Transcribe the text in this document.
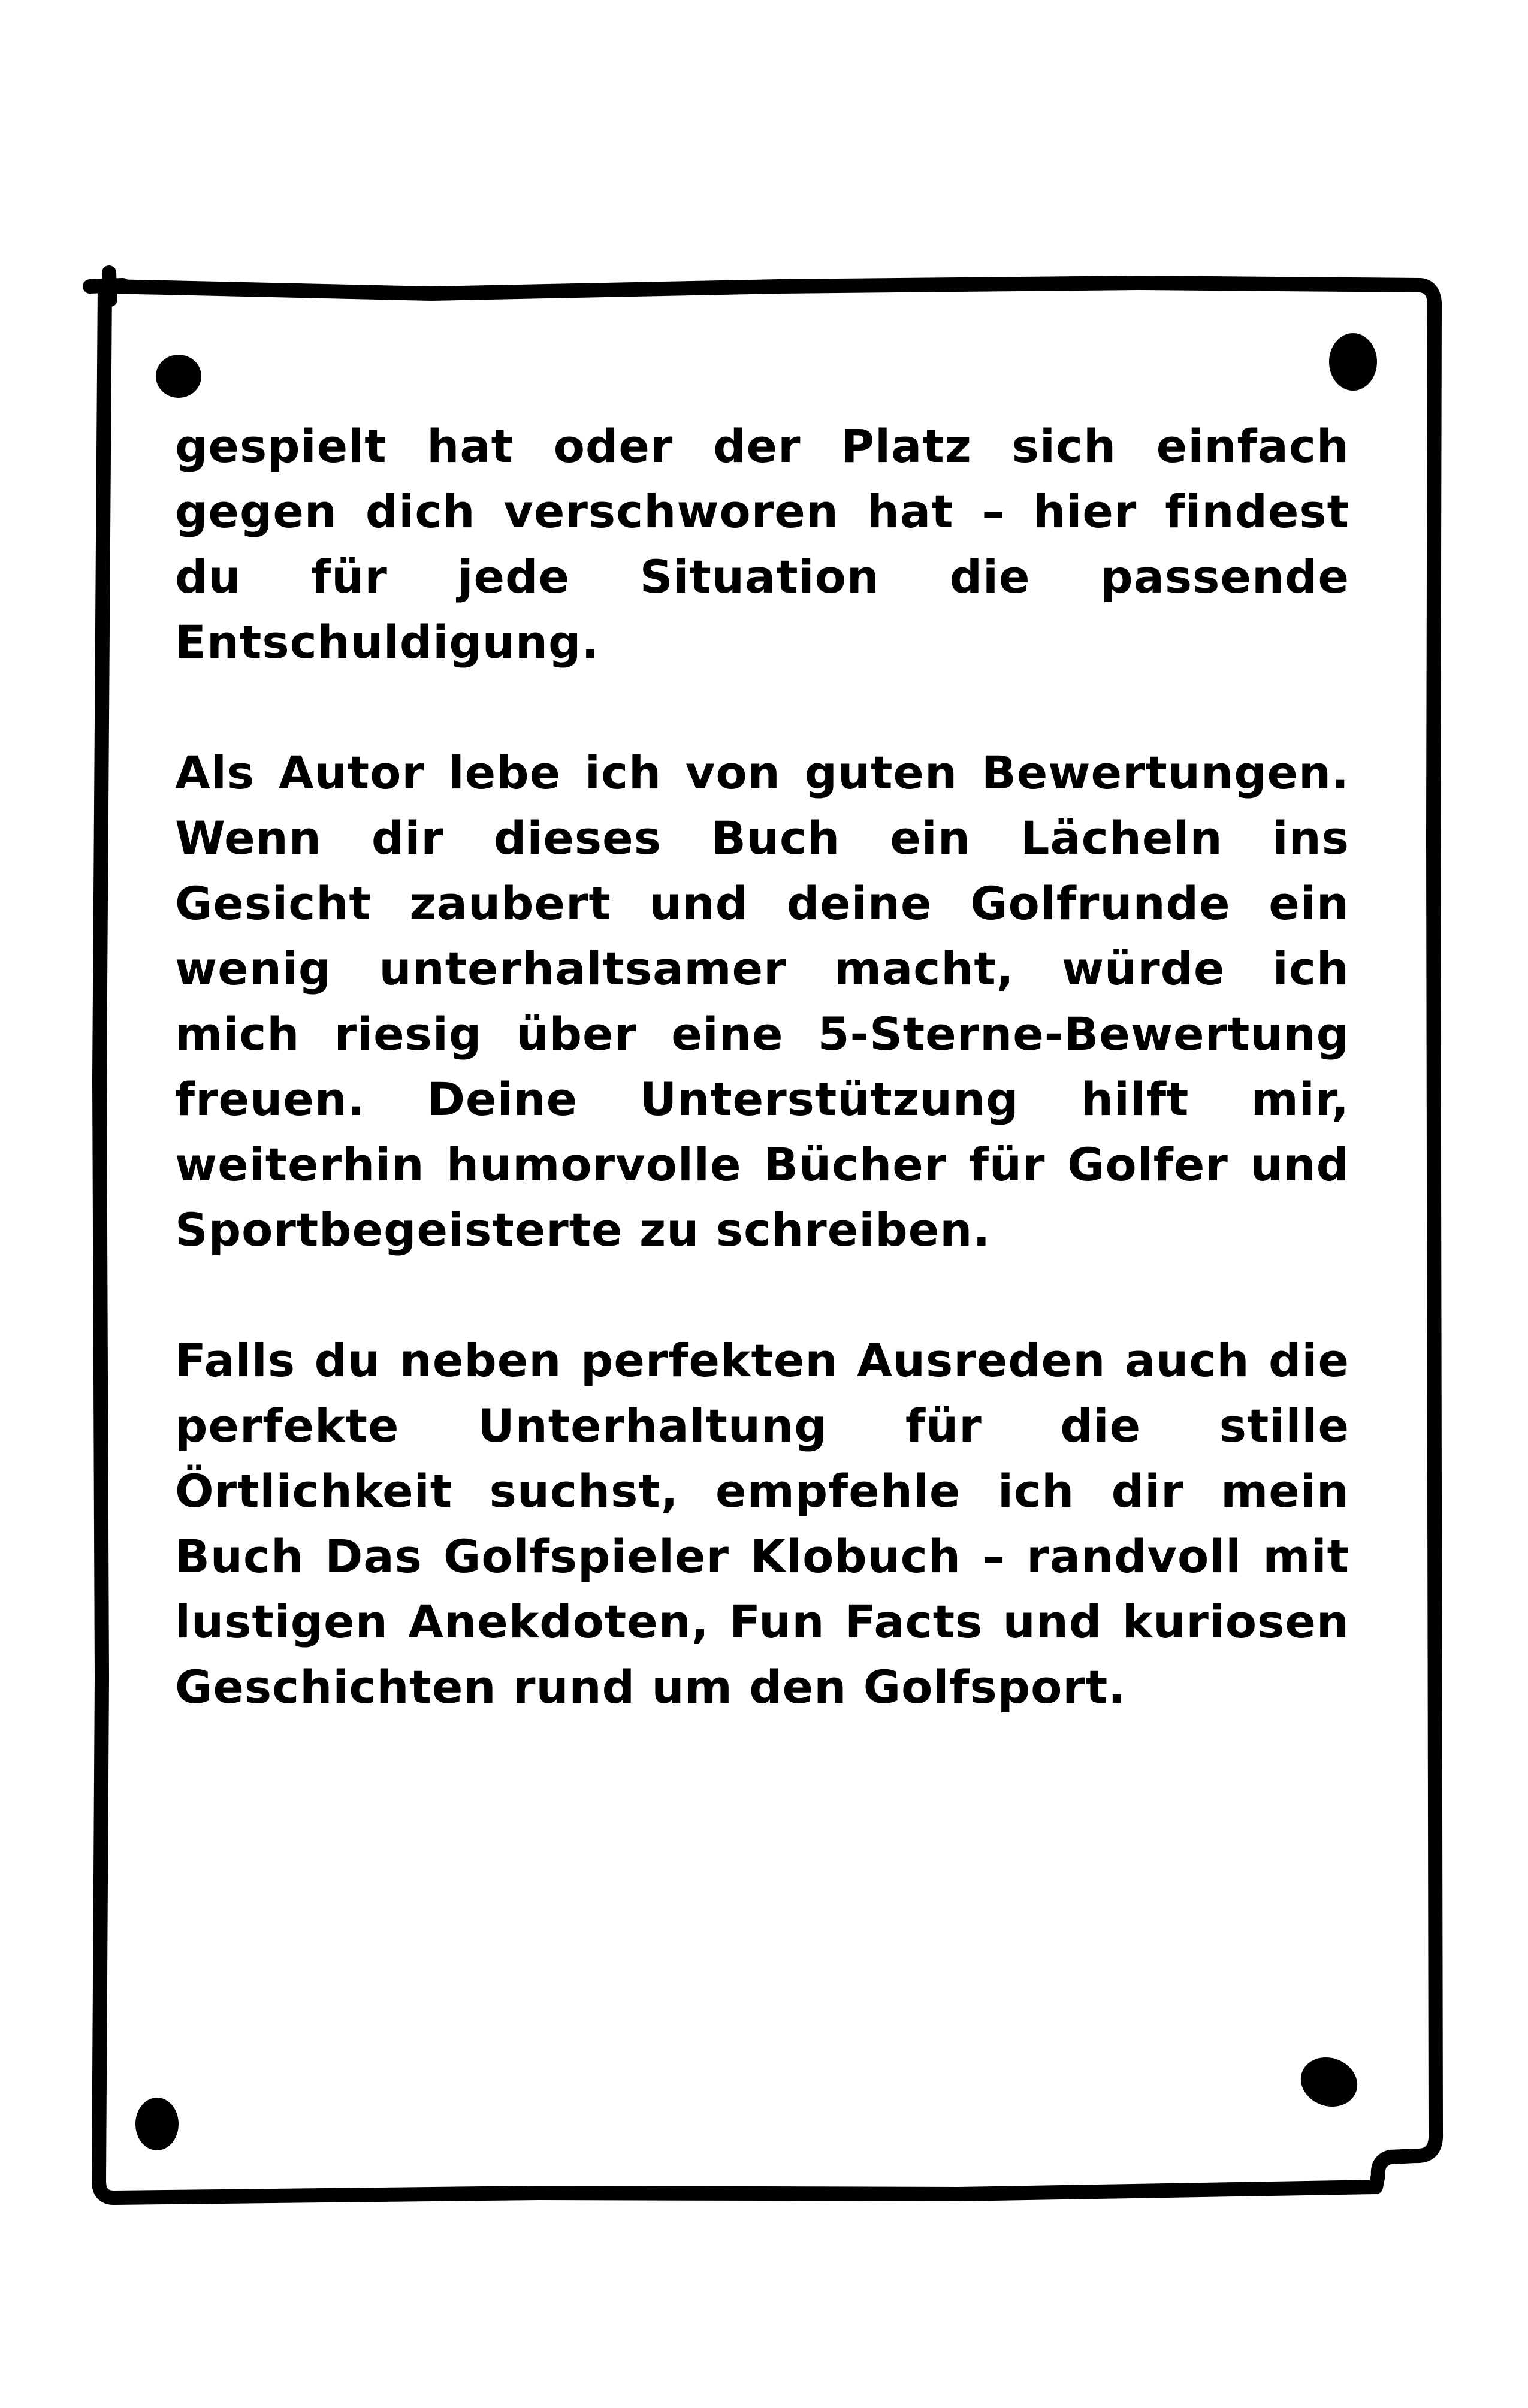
gespielt hat oder der Platz sich einfach gegen dich verschworen hat – hier findest du für jede Situation die passende Entschuldigung.

Als Autor lebe ich von guten Bewertungen. Wenn dir dieses Buch ein Lächeln ins Gesicht zaubert und deine Golfrunde ein wenig unterhaltsamer macht, würde ich mich riesig über eine 5-Sterne-Bewertung freuen. Deine Unterstützung hilft mir, weiterhin humorvolle Bücher für Golfer und Sportbegeisterte zu schreiben.

Falls du neben perfekten Ausreden auch die perfekte Unterhaltung für die stille Örtlichkeit suchst, empfehle ich dir mein Buch Das Golfspieler Klobuch – randvoll mit lustigen Anekdoten, Fun Facts und kuriosen Geschichten rund um den Golfsport.
